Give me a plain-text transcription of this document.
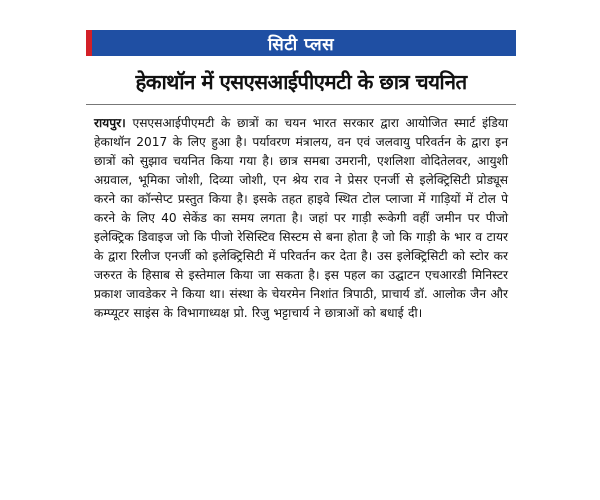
सिटी प्लस
हेकाथॉन में एसएसआईपीएमटी के छात्र चयनित

रायपुर। एसएसआईपीएमटी के छात्रों का चयन भारत सरकार द्वारा आयोजित स्मार्ट इंडिया हेकाथॉन 2017 के लिए हुआ है। पर्यावरण मंत्रालय, वन एवं जलवायु परिवर्तन के द्वारा इन छात्रों को सुझाव चयनित किया गया है। छात्र समबा उमरानी, एशलिशा वोदितेलवर, आयुशी अग्रवाल, भूमिका जोशी, दिव्या जोशी, एन श्रेय राव ने प्रेसर एनर्जी से इलेक्ट्रिसिटी प्रोड्यूस करने का कॉन्सेप्ट प्रस्तुत किया है। इसके तहत हाइवे स्थित टोल प्लाजा में गाड़ियों में टोल पे करने के लिए 40 सेकेंड का समय लगता है। जहां पर गाड़ी रूकेगी वहीं जमीन पर पीजो इलेक्ट्रिक डिवाइज जो कि पीजो रेसिस्टिव सिस्टम से बना होता है जो कि गाड़ी के भार व टायर के द्वारा रिलीज एनर्जी को इलेक्ट्रिसिटी में परिवर्तन कर देता है। उस इलेक्ट्रिसिटी को स्टोर कर जरुरत के हिसाब से इस्तेमाल किया जा सकता है। इस पहल का उद्घाटन एचआरडी मिनिस्टर प्रकाश जावडेकर ने किया था। संस्था के चेयरमेन निशांत त्रिपाठी, प्राचार्य डॉ. आलोक जैन और कम्प्यूटर साइंस के विभागाध्यक्ष प्रो. रिजु भट्टाचार्य ने छात्राओं को बधाई दी।
